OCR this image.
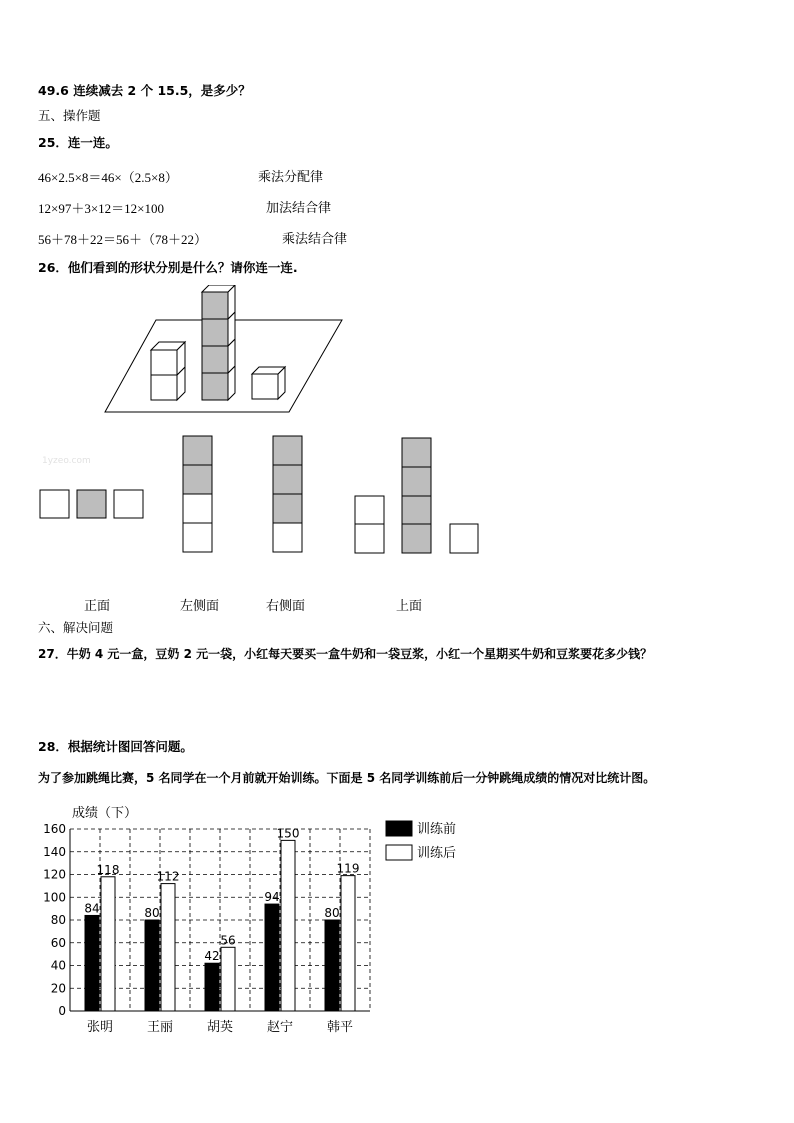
49.6 连续减去 2 个 15.5，是多少？
五、操作题
25．连一连。
46×2.5×8＝46×（2.5×8）	乘法分配律
12×97＋3×12＝12×100	加法结合律
56＋78＋22＝56＋（78＋22）	乘法结合律
26．他们看到的形状分别是什么？请你连一连.
1yzeo.com
正面	左侧面	右侧面	上面
六、解决问题
27．牛奶 4 元一盒，豆奶 2 元一袋，小红每天要买一盒牛奶和一袋豆浆，小红一个星期买牛奶和豆浆要花多少钱？
28．根据统计图回答问题。
为了参加跳绳比赛，5 名同学在一个月前就开始训练。下面是 5 名同学训练前后一分钟跳绳成绩的情况对比统计图。
0
20
40
60
80
100
120
140
160
成绩（下）
84
118
张明
80
112
王丽
42
56
胡英
94
150
赵宁
80
119
韩平
训练前
训练后
